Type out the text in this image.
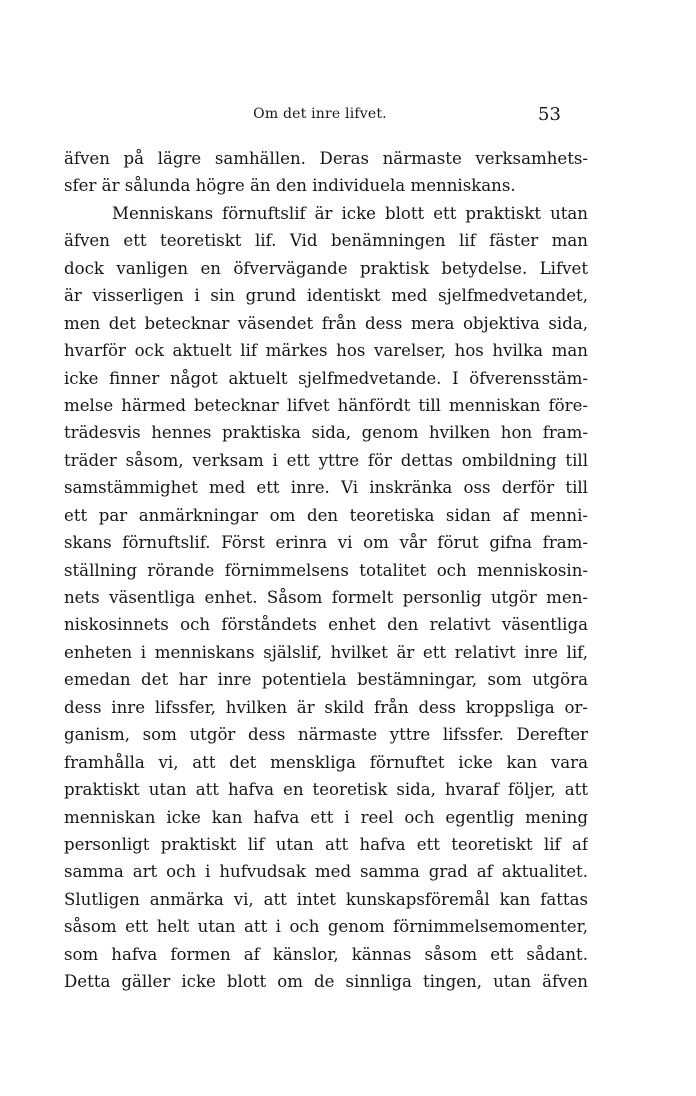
Om det inre lifvet.	53
äfven på lägre samhällen. Deras närmaste verksamhets-
sfer är sålunda högre än den individuela menniskans.
Menniskans förnuftslif är icke blott ett praktiskt utan
äfven ett teoretiskt lif. Vid benämningen lif fäster man
dock vanligen en öfvervägande praktisk betydelse. Lifvet
är visserligen i sin grund identiskt med sjelfmedvetandet,
men det betecknar väsendet från dess mera objektiva sida,
hvarför ock aktuelt lif märkes hos varelser, hos hvilka man
icke finner något aktuelt sjelfmedvetande. I öfverensstäm-
melse härmed betecknar lifvet hänfördt till menniskan före-
trädesvis hennes praktiska sida, genom hvilken hon fram-
träder såsom, verksam i ett yttre för dettas ombildning till
samstämmighet med ett inre. Vi inskränka oss derför till
ett par anmärkningar om den teoretiska sidan af menni-
skans förnuftslif. Först erinra vi om vår förut gifna fram-
ställning rörande förnimmelsens totalitet och menniskosin-
nets väsentliga enhet. Såsom formelt personlig utgör men-
niskosinnets och förståndets enhet den relativt väsentliga
enheten i menniskans själslif, hvilket är ett relativt inre lif,
emedan det har inre potentiela bestämningar, som utgöra
dess inre lifssfer, hvilken är skild från dess kroppsliga or-
ganism, som utgör dess närmaste yttre lifssfer. Derefter
framhålla vi, att det menskliga förnuftet icke kan vara
praktiskt utan att hafva en teoretisk sida, hvaraf följer, att
menniskan icke kan hafva ett i reel och egentlig mening
personligt praktiskt lif utan att hafva ett teoretiskt lif af
samma art och i hufvudsak med samma grad af aktualitet.
Slutligen anmärka vi, att intet kunskapsföremål kan fattas
såsom ett helt utan att i och genom förnimmelsemomenter,
som hafva formen af känslor, kännas såsom ett sådant.
Detta gäller icke blott om de sinnliga tingen, utan äfven
